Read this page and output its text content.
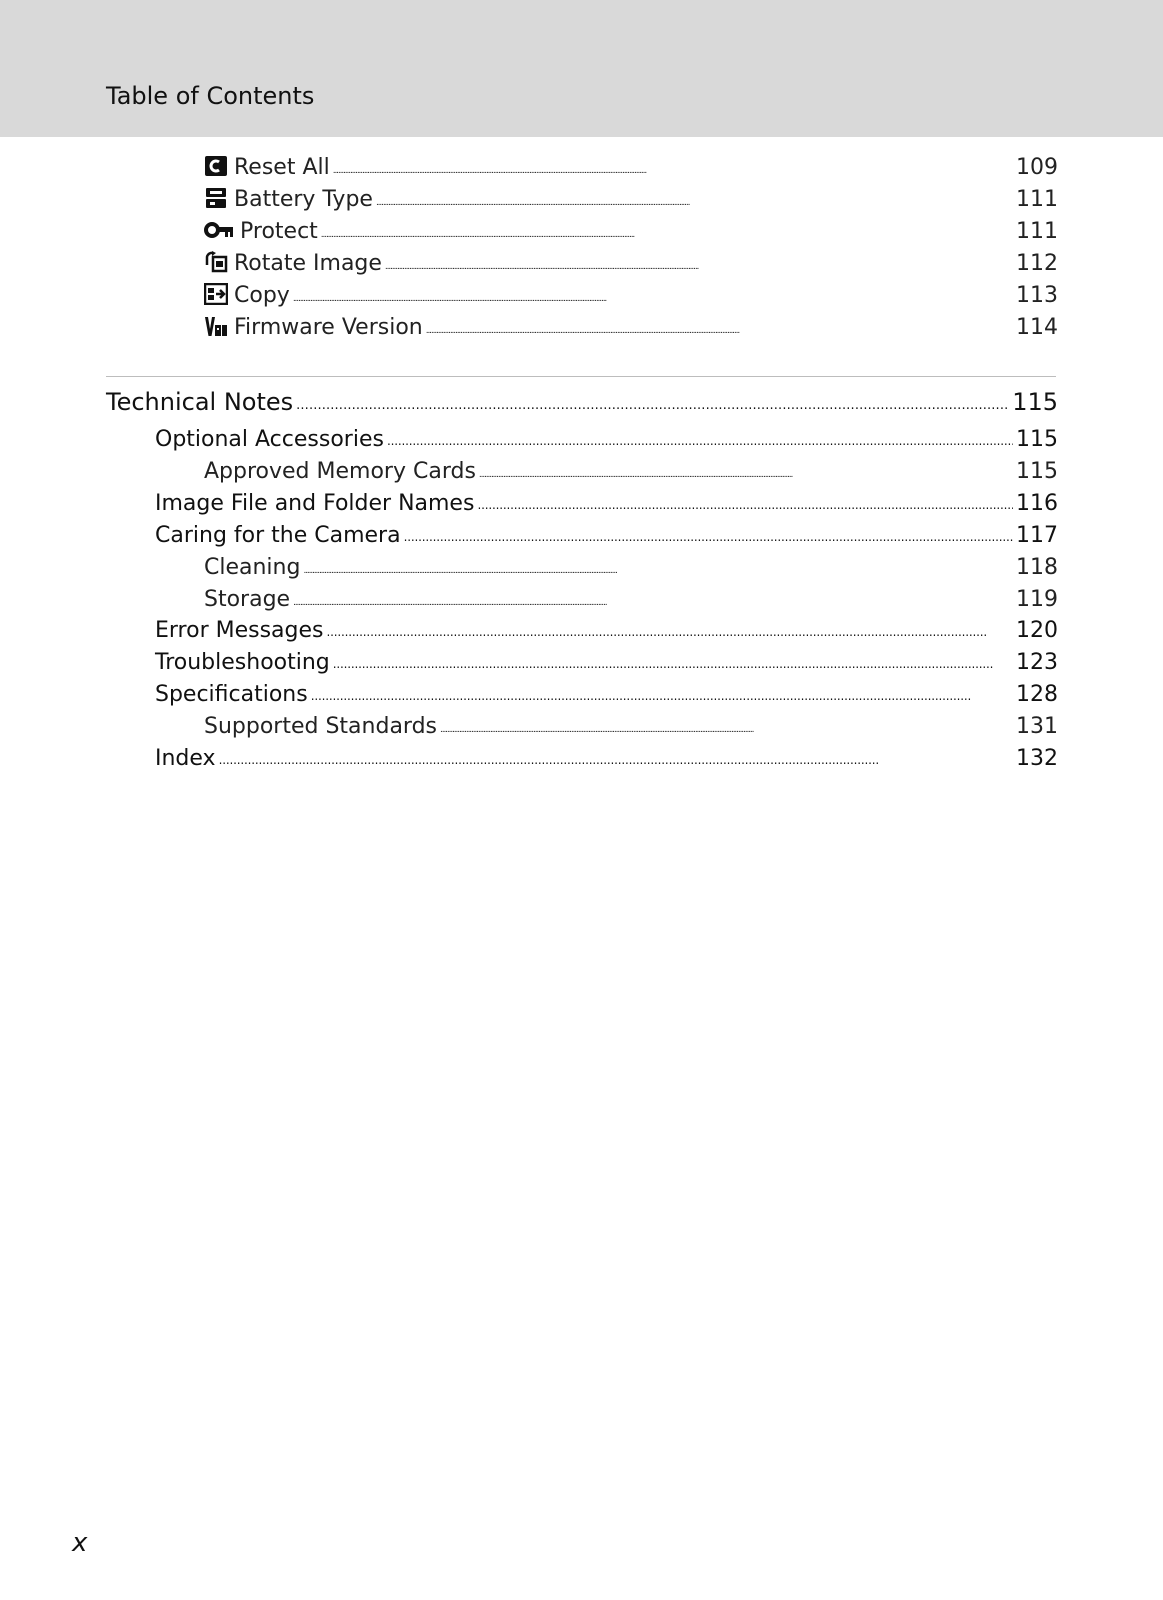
Table of Contents
Reset All . . .	109
Battery Type . . .	111
Protect . . .	111
Rotate Image . . .	112
Copy . . .	113
Firmware Version . . .	114
Technical Notes . . .	115
Optional Accessories . . .	115
Approved Memory Cards . . .	115
Image File and Folder Names . . .	116
Caring for the Camera . . .	117
Cleaning . . .	118
Storage . . .	119
Error Messages . . .	120
Troubleshooting . . .	123
Specifications . . .	128
Supported Standards . . .	131
Index . . .	132
x
